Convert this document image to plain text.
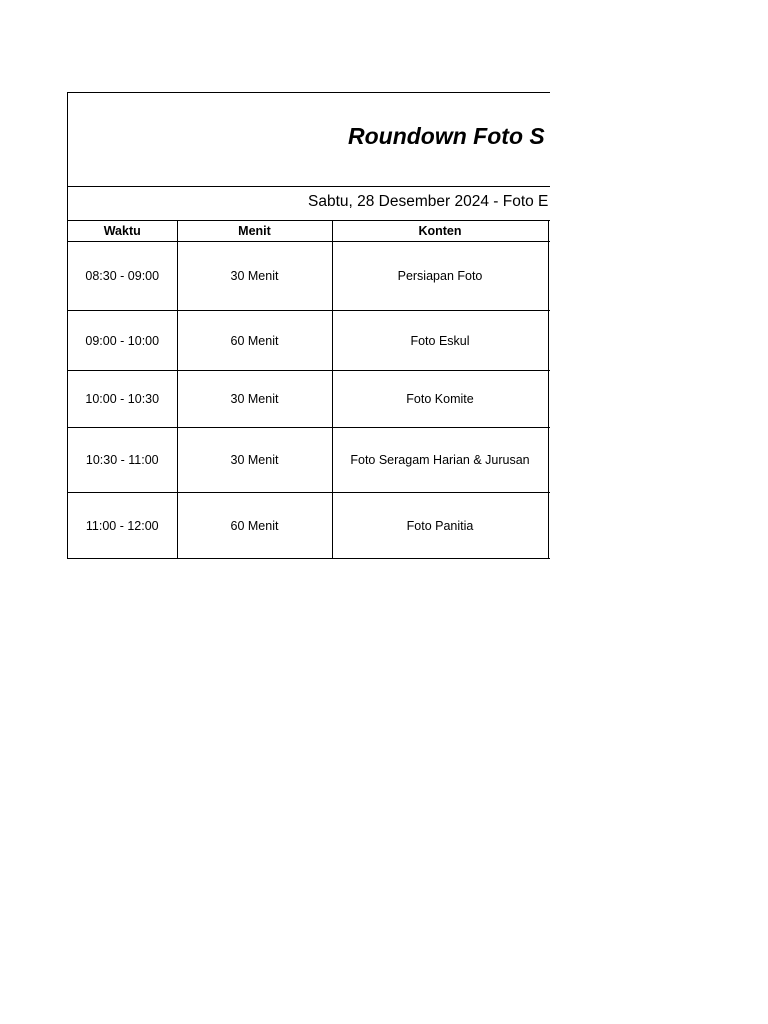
Roundown Foto S
Sabtu, 28 Desember 2024 - Foto E
Waktu	Menit	Konten	
08:30 - 09:00	30 Menit	Persiapan Foto	
09:00 - 10:00	60 Menit	Foto Eskul	
10:00 - 10:30	30 Menit	Foto Komite	
10:30 - 11:00	30 Menit	Foto Seragam Harian & Jurusan	
11:00 - 12:00	60 Menit	Foto Panitia	
